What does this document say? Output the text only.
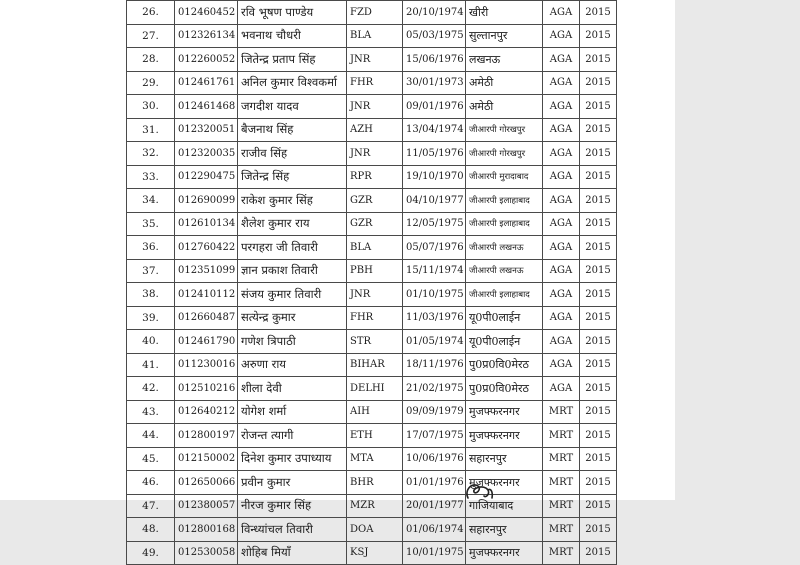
26.	012460452	रवि भूषण पाण्डेय	FZD	20/10/1974	खीरी	AGA	2015
27.	012326134	भवनाथ चौधरी	BLA	05/03/1975	सुल्तानपुर	AGA	2015
28.	012260052	जितेन्द्र प्रताप सिंह	JNR	15/06/1976	लखनऊ	AGA	2015
29.	012461761	अनिल कुमार विश्वकर्मा	FHR	30/01/1973	अमेठी	AGA	2015
30.	012461468	जगदीश यादव	JNR	09/01/1976	अमेठी	AGA	2015
31.	012320051	बैजनाथ सिंह	AZH	13/04/1974	जीआरपी गोरखपुर	AGA	2015
32.	012320035	राजीव सिंह	JNR	11/05/1976	जीआरपी गोरखपुर	AGA	2015
33.	012290475	जितेन्द्र सिंह	RPR	19/10/1970	जीआरपी मुरादाबाद	AGA	2015
34.	012690099	राकेश कुमार सिंह	GZR	04/10/1977	जीआरपी इलाहाबाद	AGA	2015
35.	012610134	शैलेश कुमार राय	GZR	12/05/1975	जीआरपी इलाहाबाद	AGA	2015
36.	012760422	परगहरा जी तिवारी	BLA	05/07/1976	जीआरपी लखनऊ	AGA	2015
37.	012351099	ज्ञान प्रकाश तिवारी	PBH	15/11/1974	जीआरपी लखनऊ	AGA	2015
38.	012410112	संजय कुमार तिवारी	JNR	01/10/1975	जीआरपी इलाहाबाद	AGA	2015
39.	012660487	सत्येन्द्र कुमार	FHR	11/03/1976	यू0पी0लाईन	AGA	2015
40.	012461790	गणेश त्रिपाठी	STR	01/05/1974	यू0पी0लाईन	AGA	2015
41.	011230016	अरुणा राय	BIHAR	18/11/1976	पु0प्र0वि0मेरठ	AGA	2015
42.	012510216	शीला देवी	DELHI	21/02/1975	पु0प्र0वि0मेरठ	AGA	2015
43.	012640212	योगेश शर्मा	AIH	09/09/1979	मुजफ्फरनगर	MRT	2015
44.	012800197	रोजन्त त्यागी	ETH	17/07/1975	मुजफ्फरनगर	MRT	2015
45.	012150002	दिनेश कुमार उपाध्याय	MTA	10/06/1976	सहारनपुर	MRT	2015
46.	012650066	प्रवीन कुमार	BHR	01/01/1976	मुजफ्फरनगर	MRT	2015
47.	012380057	नीरज कुमार सिंह	MZR	20/01/1977	गाजियाबाद	MRT	2015
48.	012800168	विन्ध्यांचल तिवारी	DOA	01/06/1974	सहारनपुर	MRT	2015
49.	012530058	शोहिब मियाँ	KSJ	10/01/1975	मुजफ्फरनगर	MRT	2015
